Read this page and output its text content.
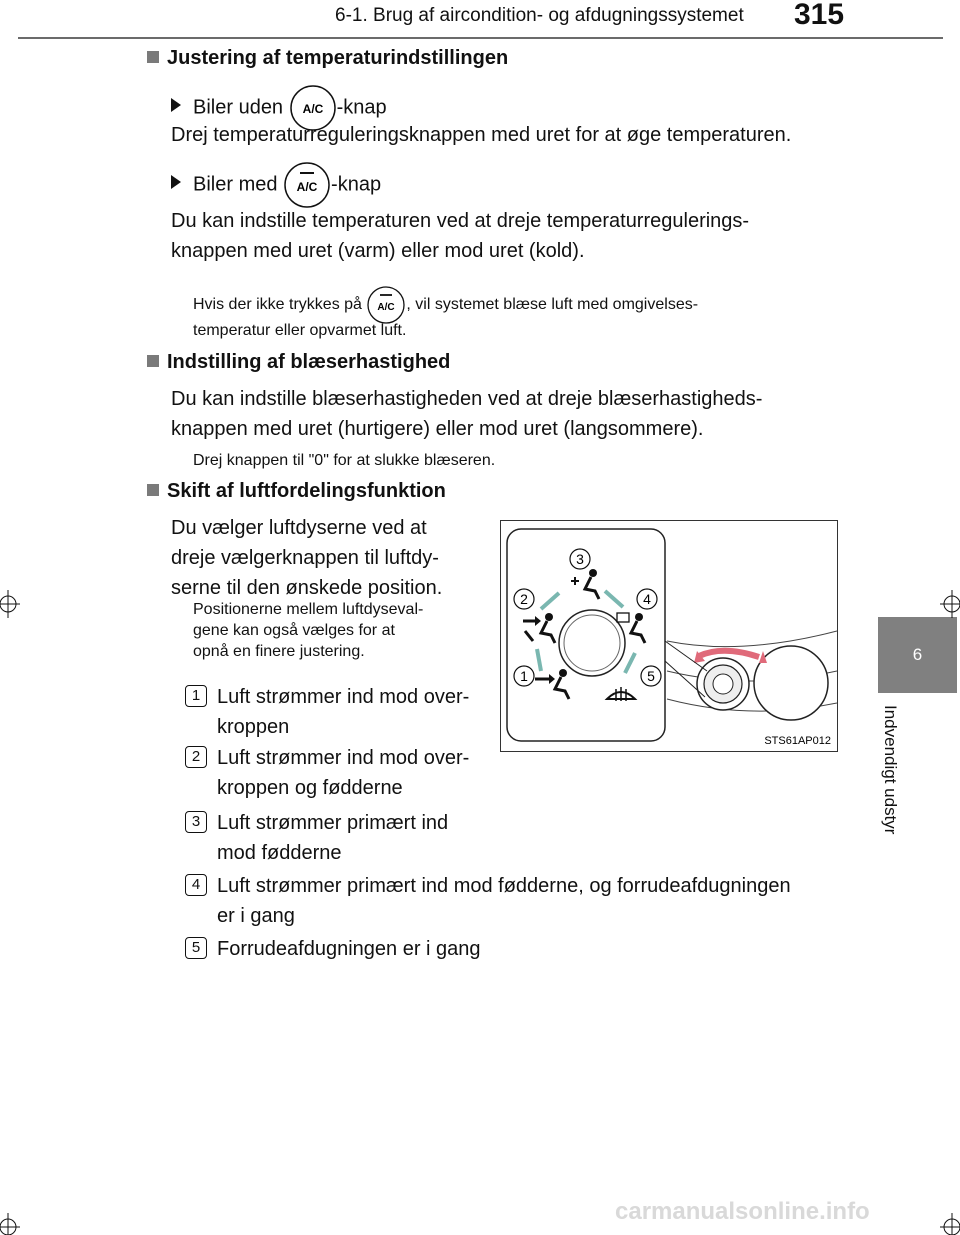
6-1. Brug af aircondition- og afdugningssystemet 315
6
Indvendigt udstyr
Justering af temperaturindstillingen
Biler uden A/C -knap
Drej temperaturreguleringsknappen med uret for at øge temperaturen.
Biler med A/C -knap
Du kan indstille temperaturen ved at dreje temperaturregulerings-
knappen med uret (varm) eller mod uret (kold).
Hvis der ikke trykkes på A/C , vil systemet blæse luft med omgivelses-
temperatur eller opvarmet luft.
Indstilling af blæserhastighed
Du kan indstille blæserhastigheden ved at dreje blæserhastigheds-
knappen med uret (hurtigere) eller mod uret (langsommere).
Drej knappen til "0" for at slukke blæseren.
Skift af luftfordelingsfunktion
Du vælger luftdyserne ved at
dreje vælgerknappen til luftdy-
serne til den ønskede position.
Positionerne mellem luftdyseval-
gene kan også vælges for at
opnå en finere justering.
1 Luft strømmer ind mod over-
kroppen
2 Luft strømmer ind mod over-
kroppen og fødderne
3 Luft strømmer primært ind
mod fødderne
4 Luft strømmer primært ind mod fødderne, og forrudeafdugningen
er i gang
5 Forrudeafdugningen er i gang
3
2	4
1	5
STS61AP012
carmanualsonline.info
